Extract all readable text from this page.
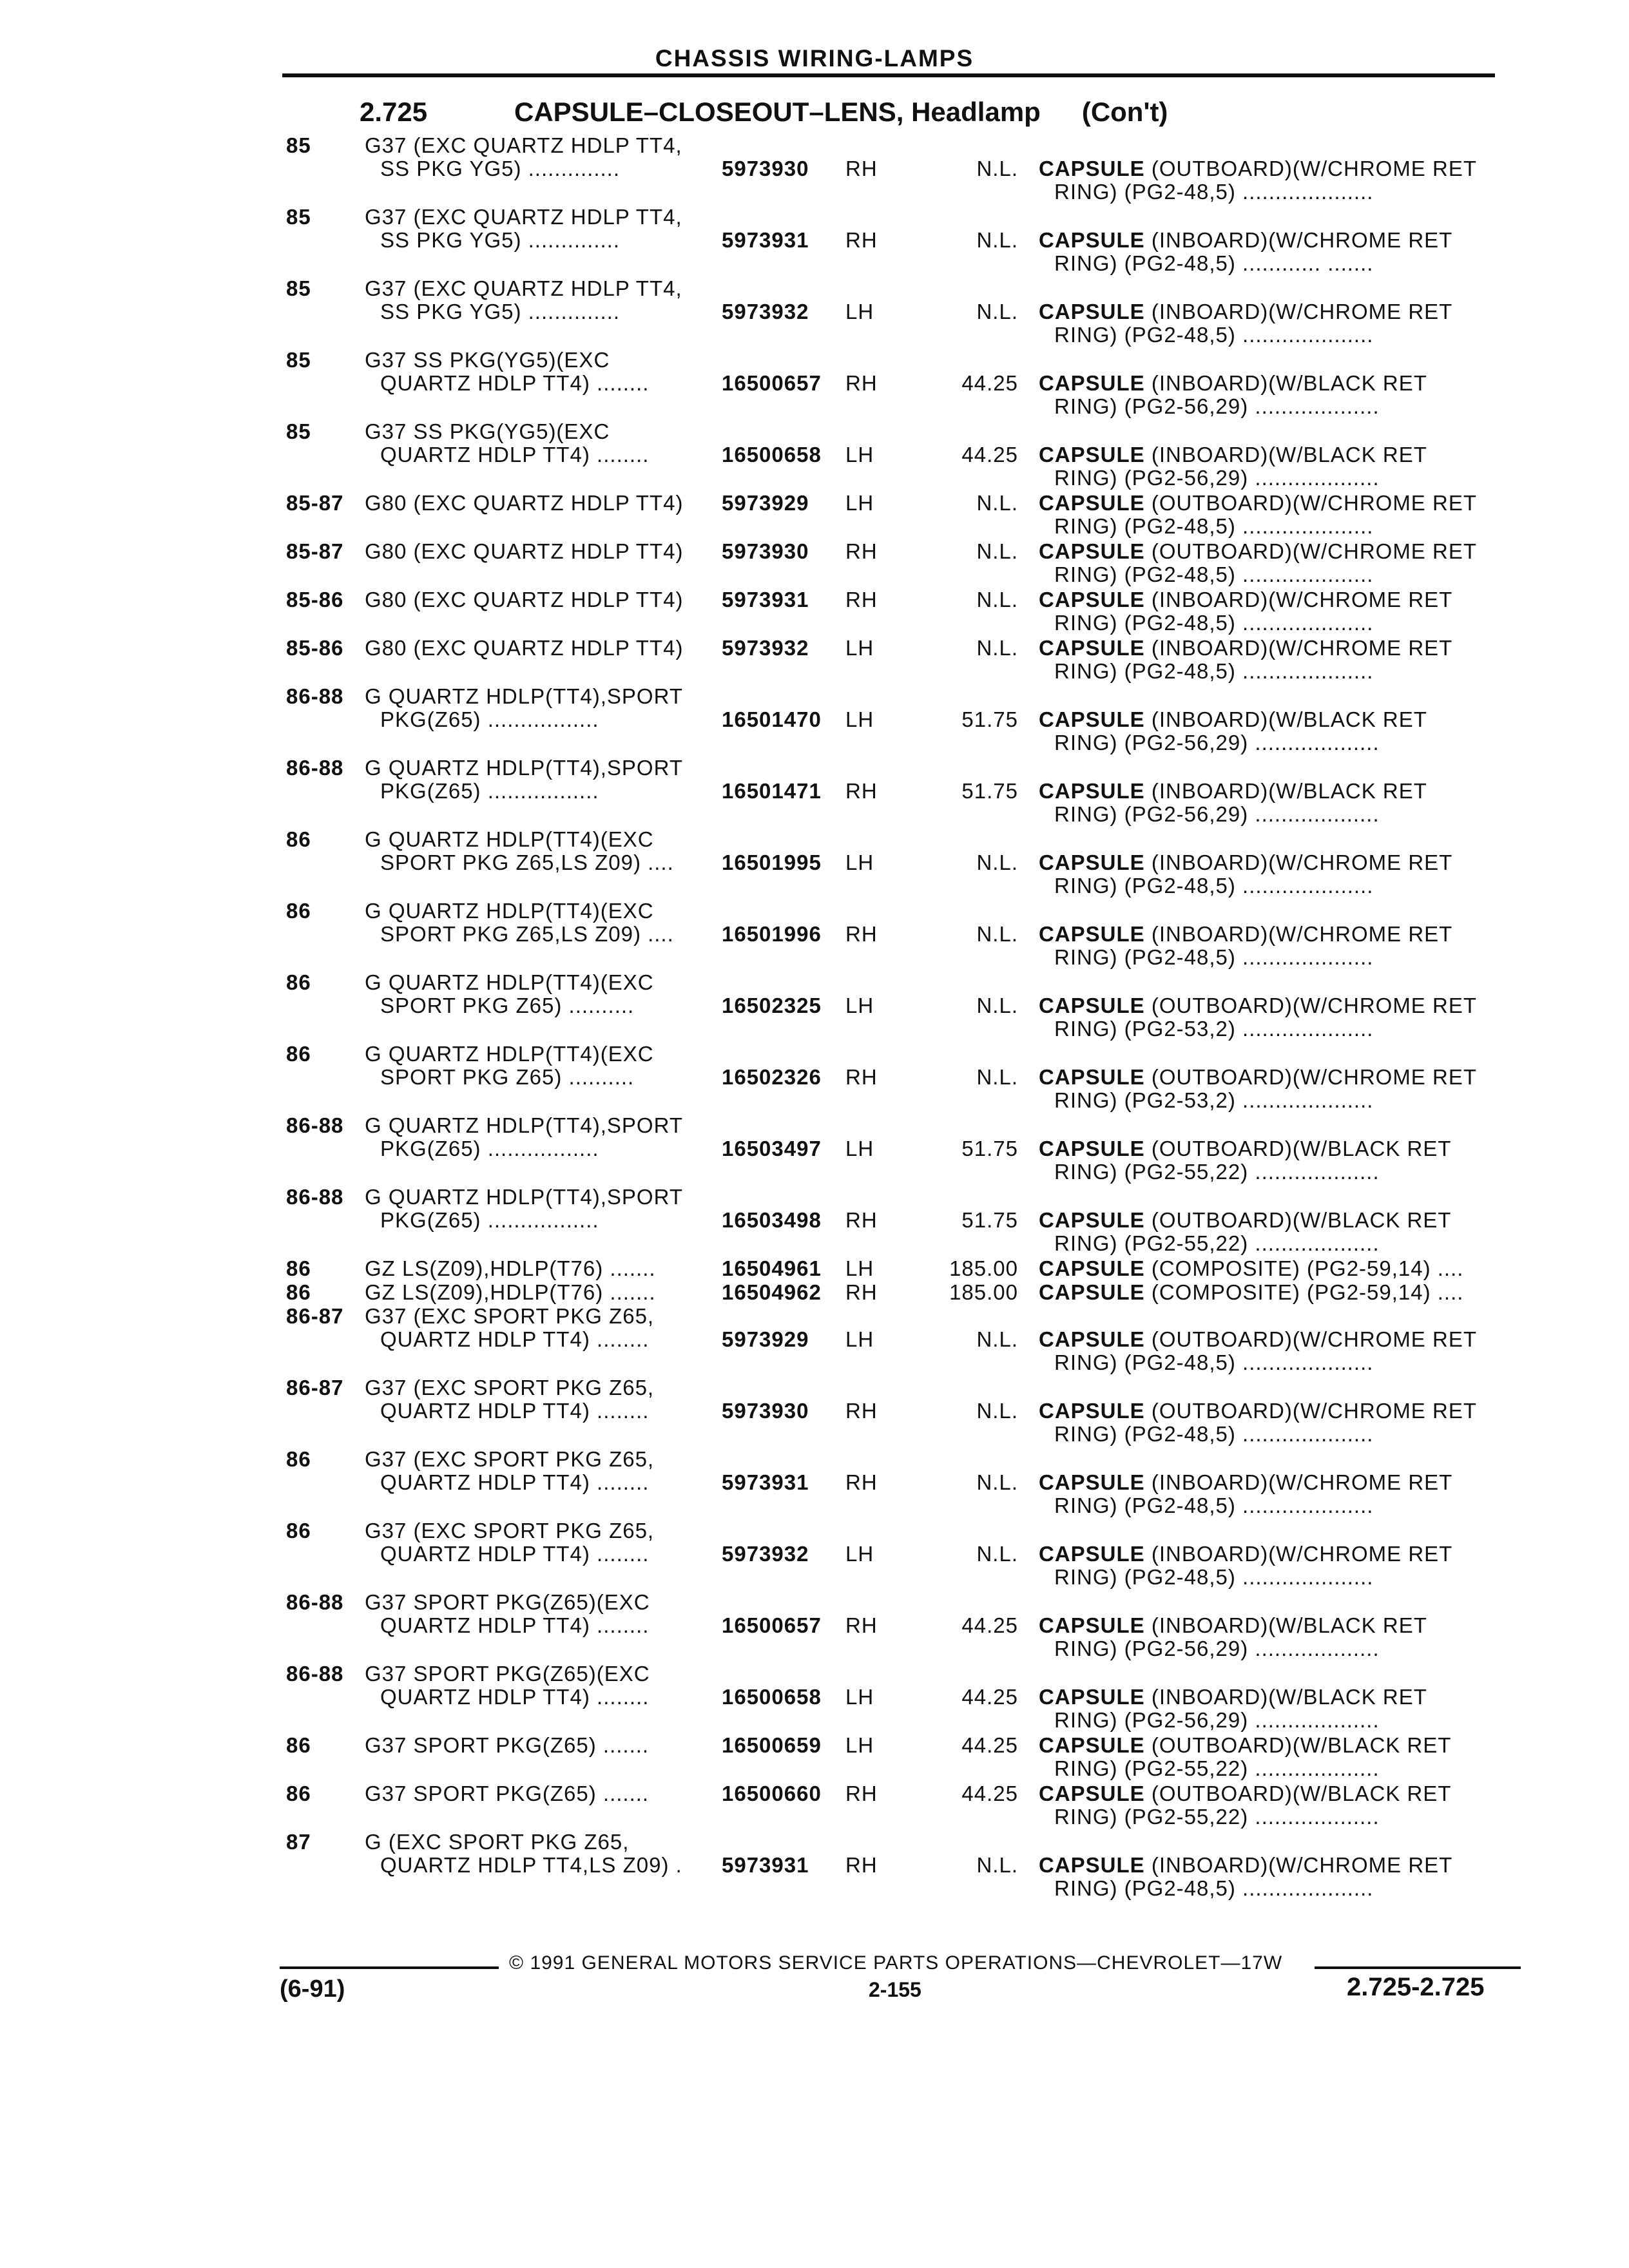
CHASSIS WIRING-LAMPS
2.725	CAPSULE–CLOSEOUT–LENS, Headlamp (Con't)
85	G37 (EXC QUARTZ HDLP TT4,
SS PKG YG5) ..............	5973930 RH	N.L. CAPSULE (OUTBOARD)(W/CHROME RET
RING) (PG2-48,5) ....................
85	G37 (EXC QUARTZ HDLP TT4,
SS PKG YG5) ..............	5973931 RH	N.L. CAPSULE (INBOARD)(W/CHROME RET
RING) (PG2-48,5) ............ .......
85	G37 (EXC QUARTZ HDLP TT4,
SS PKG YG5) ..............	5973932 LH	N.L. CAPSULE (INBOARD)(W/CHROME RET
RING) (PG2-48,5) ....................
85	G37 SS PKG(YG5)(EXC
QUARTZ HDLP TT4) ........	16500657 RH	44.25 CAPSULE (INBOARD)(W/BLACK RET
RING) (PG2-56,29) ...................
85	G37 SS PKG(YG5)(EXC
QUARTZ HDLP TT4) ........	16500658 LH	44.25 CAPSULE (INBOARD)(W/BLACK RET
RING) (PG2-56,29) ...................
85-87 G80 (EXC QUARTZ HDLP TT4) 5973929 LH	N.L. CAPSULE (OUTBOARD)(W/CHROME RET
RING) (PG2-48,5) ....................
85-87 G80 (EXC QUARTZ HDLP TT4) 5973930 RH	N.L. CAPSULE (OUTBOARD)(W/CHROME RET
RING) (PG2-48,5) ....................
85-86 G80 (EXC QUARTZ HDLP TT4) 5973931 RH	N.L. CAPSULE (INBOARD)(W/CHROME RET
RING) (PG2-48,5) ....................
85-86 G80 (EXC QUARTZ HDLP TT4) 5973932 LH	N.L. CAPSULE (INBOARD)(W/CHROME RET
RING) (PG2-48,5) ....................
86-88 G QUARTZ HDLP(TT4),SPORT
PKG(Z65) .................	16501470 LH	51.75 CAPSULE (INBOARD)(W/BLACK RET
RING) (PG2-56,29) ...................
86-88 G QUARTZ HDLP(TT4),SPORT
PKG(Z65) .................	16501471 RH	51.75 CAPSULE (INBOARD)(W/BLACK RET
RING) (PG2-56,29) ...................
86	G QUARTZ HDLP(TT4)(EXC
SPORT PKG Z65,LS Z09) .... 16501995 LH	N.L. CAPSULE (INBOARD)(W/CHROME RET
RING) (PG2-48,5) ....................
86	G QUARTZ HDLP(TT4)(EXC
SPORT PKG Z65,LS Z09) .... 16501996 RH	N.L. CAPSULE (INBOARD)(W/CHROME RET
RING) (PG2-48,5) ....................
86	G QUARTZ HDLP(TT4)(EXC
SPORT PKG Z65) ..........	16502325 LH	N.L. CAPSULE (OUTBOARD)(W/CHROME RET
RING) (PG2-53,2) ....................
86	G QUARTZ HDLP(TT4)(EXC
SPORT PKG Z65) ..........	16502326 RH	N.L. CAPSULE (OUTBOARD)(W/CHROME RET
RING) (PG2-53,2) ....................
86-88 G QUARTZ HDLP(TT4),SPORT
PKG(Z65) .................	16503497 LH	51.75 CAPSULE (OUTBOARD)(W/BLACK RET
RING) (PG2-55,22) ...................
86-88 G QUARTZ HDLP(TT4),SPORT
PKG(Z65) .................	16503498 RH	51.75 CAPSULE (OUTBOARD)(W/BLACK RET
RING) (PG2-55,22) ...................
86	GZ LS(Z09),HDLP(T76) .......	16504961 LH	185.00 CAPSULE (COMPOSITE) (PG2-59,14) ....
86	GZ LS(Z09),HDLP(T76) .......	16504962 RH	185.00 CAPSULE (COMPOSITE) (PG2-59,14) ....
86-87 G37 (EXC SPORT PKG Z65,
QUARTZ HDLP TT4) ........	5973929 LH	N.L. CAPSULE (OUTBOARD)(W/CHROME RET
RING) (PG2-48,5) ....................
86-87 G37 (EXC SPORT PKG Z65,
QUARTZ HDLP TT4) ........	5973930 RH	N.L. CAPSULE (OUTBOARD)(W/CHROME RET
RING) (PG2-48,5) ....................
86	G37 (EXC SPORT PKG Z65,
QUARTZ HDLP TT4) ........	5973931 RH	N.L. CAPSULE (INBOARD)(W/CHROME RET
RING) (PG2-48,5) ....................
86	G37 (EXC SPORT PKG Z65,
QUARTZ HDLP TT4) ........	5973932 LH	N.L. CAPSULE (INBOARD)(W/CHROME RET
RING) (PG2-48,5) ....................
86-88 G37 SPORT PKG(Z65)(EXC
QUARTZ HDLP TT4) ........	16500657 RH	44.25 CAPSULE (INBOARD)(W/BLACK RET
RING) (PG2-56,29) ...................
86-88 G37 SPORT PKG(Z65)(EXC
QUARTZ HDLP TT4) ........	16500658 LH	44.25 CAPSULE (INBOARD)(W/BLACK RET
RING) (PG2-56,29) ...................
86	G37 SPORT PKG(Z65) .......	16500659 LH	44.25 CAPSULE (OUTBOARD)(W/BLACK RET
RING) (PG2-55,22) ...................
86	G37 SPORT PKG(Z65) .......	16500660 RH	44.25 CAPSULE (OUTBOARD)(W/BLACK RET
RING) (PG2-55,22) ...................
87	G (EXC SPORT PKG Z65,
QUARTZ HDLP TT4,LS Z09) . 5973931 RH	N.L. CAPSULE (INBOARD)(W/CHROME RET
RING) (PG2-48,5) ....................
© 1991 GENERAL MOTORS SERVICE PARTS OPERATIONS—CHEVROLET—17W
(6-91)	2-155	2.725-2.725
